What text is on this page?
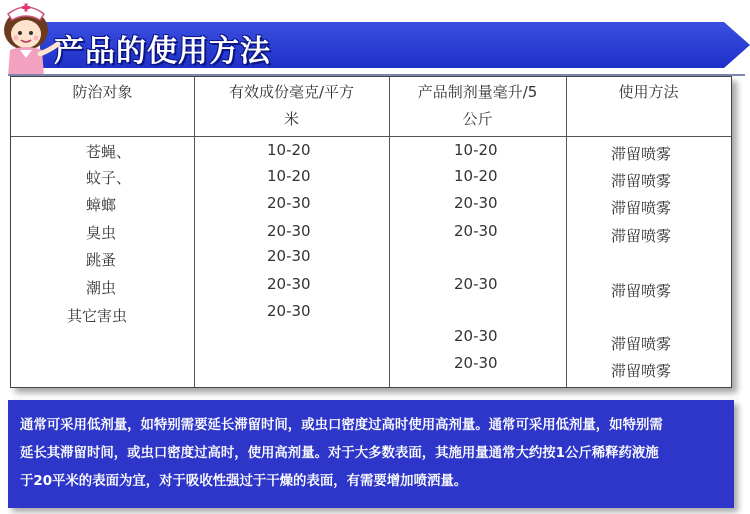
产品的使用方法
防治对象	有效成份毫克/平方
米
产品制剂量毫升/5
公斤
使用方法
苍蝇、
蚊子、
蟑螂
臭虫
跳蚤
潮虫
其它害虫
10-20
10-20
20-30
20-30
20-30
20-30
20-30
10-20
10-20
20-30
20-30
20-30
20-30
20-30
滞留喷雾
滞留喷雾
滞留喷雾
滞留喷雾
滞留喷雾
滞留喷雾
滞留喷雾
通常可采用低剂量，如特别需要延长滞留时间，或虫口密度过高时使用高剂量。通常可采用低剂量，如特别需
延长其滞留时间，或虫口密度过高时，使用高剂量。对于大多数表面，其施用量通常大约按1公斤稀释药液施
于20平米的表面为宜，对于吸收性强过于干燥的表面，有需要增加喷洒量。
